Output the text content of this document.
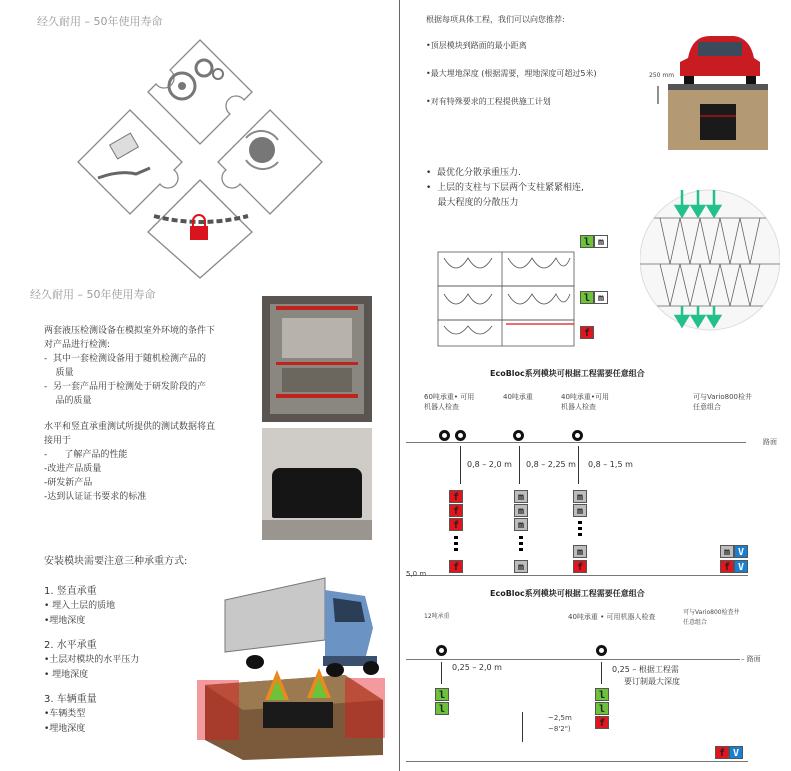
经久耐用 – 50年使用寿命
经久耐用 – 50年使用寿命
两套液压检测设备在模拟室外环境的条件下
对产品进行检测:
-  其中一套检测设备用于随机检测产品的
质量
-  另一套产品用于检测处于研发阶段的产
品的质量
水平和竖直承重测试所提供的测试数据将直
接用于
-      了解产品的性能
-改进产品质量
-研发新产品
-达到认证证书要求的标准
安装模块需要注意三种承重方式:
1. 竖直承重
• 埋入土层的质地
•埋地深度
2. 水平承重
•土层对模块的水平压力
• 埋地深度
3. 车辆重量
•车辆类型
•埋地深度
根据每项具体工程，我们可以向您推荐:
•顶层模块到路面的最小距离
•最大埋地深度 (根据需要，埋地深度可超过5米)
•对有特殊要求的工程提供施工计划
250 mm
•  最优化分散承重压力.
•  上层的支柱与下层两个支柱紧紧相连,
最大程度的分散压力
l m
l m
f
EcoBloc系列模块可根据工程需要任意组合
60吨承重• 可用
机器人检查
40吨承重	40吨承重•可用
机器人检查
可与Vario800检井
任意组合
路面
0,8 – 2,0 m 0,8 – 2,25 m 0,8 – 1,5 m
f
f
f
f
m
m
m
m
m
m
m
f
m V
f V
5,0 m
EcoBloc系列模块可根据工程需要任意组合
12吨承重	40吨承重 • 可用机器人检查
可与Vario800检查井
任意组合
– 路面
0,25 – 2,0 m	0,25 – 根据工程需
要订制最大深度
l
l
l
l
f
~2,5m
~8'2")
f V
